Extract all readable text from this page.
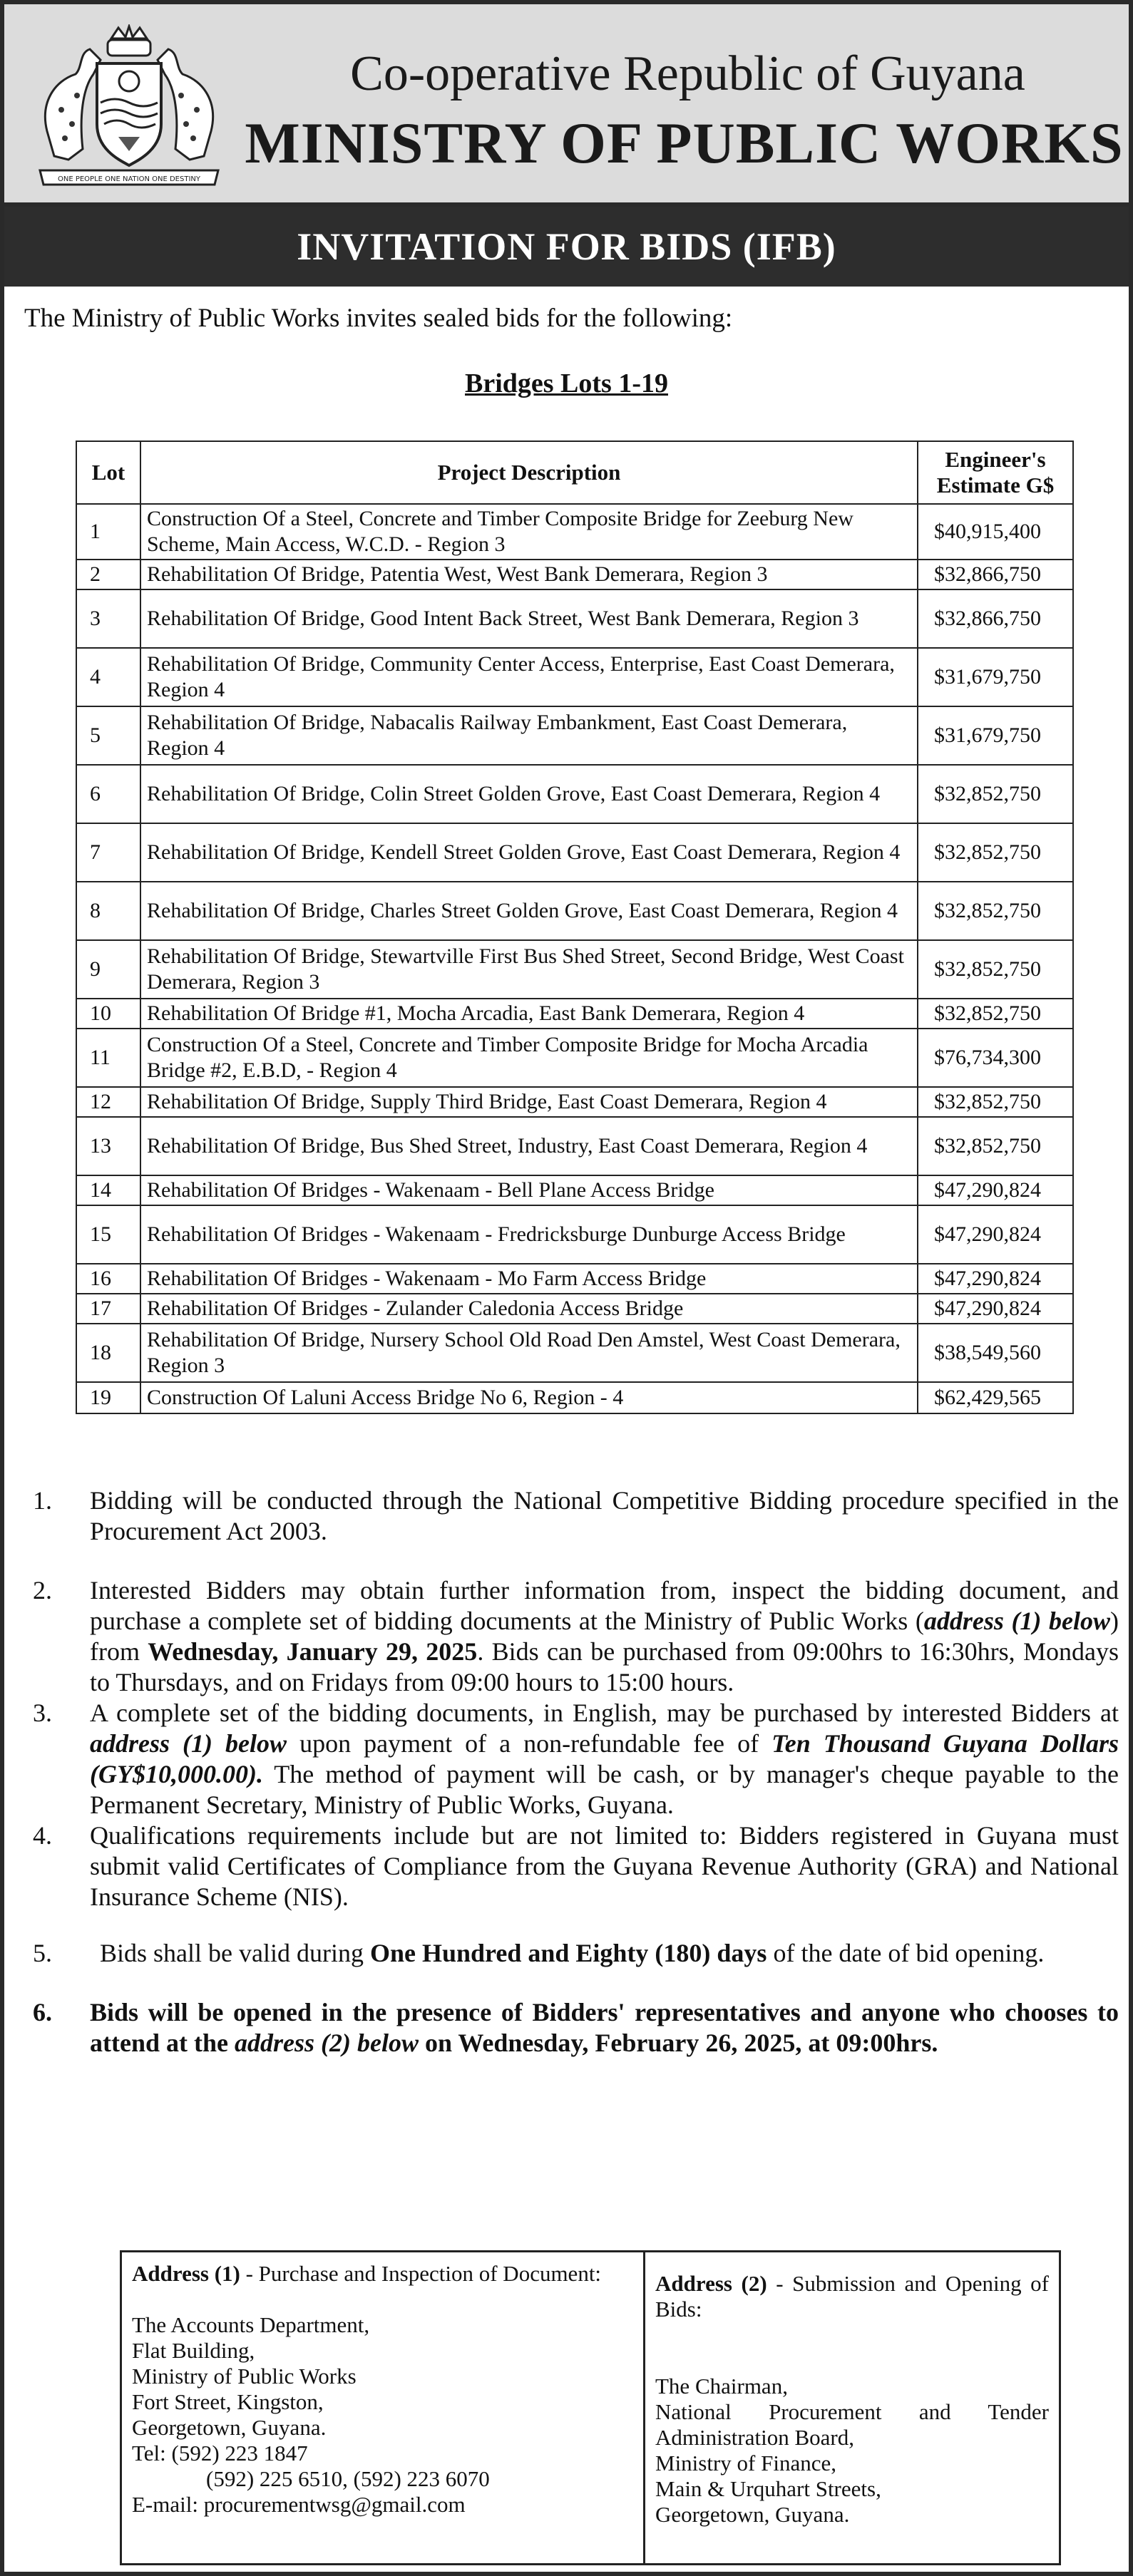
ONE PEOPLE ONE NATION ONE DESTINY
Co-operative Republic of Guyana
MINISTRY OF PUBLIC WORKS
INVITATION FOR BIDS (IFB)
The Ministry of Public Works invites sealed bids for the following:
Bridges Lots 1-19
Lot	Project Description	Engineer's Estimate G$
1	Construction Of a Steel, Concrete and Timber Composite Bridge for Zeeburg New Scheme, Main Access, W.C.D. - Region 3	$40,915,400
2	Rehabilitation Of Bridge, Patentia West, West Bank Demerara, Region 3	$32,866,750
3	Rehabilitation Of Bridge, Good Intent Back Street, West Bank Demerara, Region 3	$32,866,750
4	Rehabilitation Of Bridge, Community Center Access, Enterprise, East Coast Demerara, Region 4	$31,679,750
5	Rehabilitation Of Bridge, Nabacalis Railway Embankment, East Coast Demerara, Region 4	$31,679,750
6	Rehabilitation Of Bridge, Colin Street Golden Grove, East Coast Demerara, Region 4	$32,852,750
7	Rehabilitation Of Bridge, Kendell Street Golden Grove, East Coast Demerara, Region 4	$32,852,750
8	Rehabilitation Of Bridge, Charles Street Golden Grove, East Coast Demerara, Region 4	$32,852,750
9	Rehabilitation Of Bridge, Stewartville First Bus Shed Street, Second Bridge, West Coast Demerara, Region 3	$32,852,750
10	Rehabilitation Of Bridge #1, Mocha Arcadia, East Bank Demerara, Region 4	$32,852,750
11	Construction Of a Steel, Concrete and Timber Composite Bridge for Mocha Arcadia Bridge #2, E.B.D, - Region 4	$76,734,300
12	Rehabilitation Of Bridge, Supply Third Bridge, East Coast Demerara, Region 4	$32,852,750
13	Rehabilitation Of Bridge, Bus Shed Street, Industry, East Coast Demerara, Region 4	$32,852,750
14	Rehabilitation Of Bridges - Wakenaam - Bell Plane Access Bridge	$47,290,824
15	Rehabilitation Of Bridges - Wakenaam - Fredricksburge Dunburge Access Bridge	$47,290,824
16	Rehabilitation Of Bridges - Wakenaam - Mo Farm Access Bridge	$47,290,824
17	Rehabilitation Of Bridges - Zulander Caledonia Access Bridge	$47,290,824
18	Rehabilitation Of Bridge, Nursery School Old Road Den Amstel, West Coast Demerara, Region 3	$38,549,560
19	Construction Of Laluni Access Bridge No 6, Region - 4	$62,429,565
1. Bidding will be conducted through the National Competitive Bidding procedure specified in the Procurement Act 2003.
2. Interested Bidders may obtain further information from, inspect the bidding document, and purchase a complete set of bidding documents at the Ministry of Public Works (address (1) below) from Wednesday, January 29, 2025. Bids can be purchased from 09:00hrs to 16:30hrs, Mondays to Thursdays, and on Fridays from 09:00 hours to 15:00 hours.
3. A complete set of the bidding documents, in English, may be purchased by interested Bidders at address (1) below upon payment of a non-refundable fee of Ten Thousand Guyana Dollars (GY$10,000.00). The method of payment will be cash, or by manager's cheque payable to the Permanent Secretary, Ministry of Public Works, Guyana.
4. Qualifications requirements include but are not limited to: Bidders registered in Guyana must submit valid Certificates of Compliance from the Guyana Revenue Authority (GRA) and National Insurance Scheme (NIS).
5. Bids shall be valid during One Hundred and Eighty (180) days of the date of bid opening.
6. Bids will be opened in the presence of Bidders' representatives and anyone who chooses to attend at the address (2) below on Wednesday, February 26, 2025, at 09:00hrs.
Address (1) - Purchase and Inspection of Document:
The Accounts Department,
Flat Building,
Ministry of Public Works
Fort Street, Kingston,
Georgetown, Guyana.
Tel: (592) 223 1847
(592) 225 6510, (592) 223 6070
E-mail: procurementwsg@gmail.com
Address (2) - Submission and Opening of Bids:
The Chairman,
National Procurement and Tender Administration Board,
Ministry of Finance,
Main & Urquhart Streets,
Georgetown, Guyana.
